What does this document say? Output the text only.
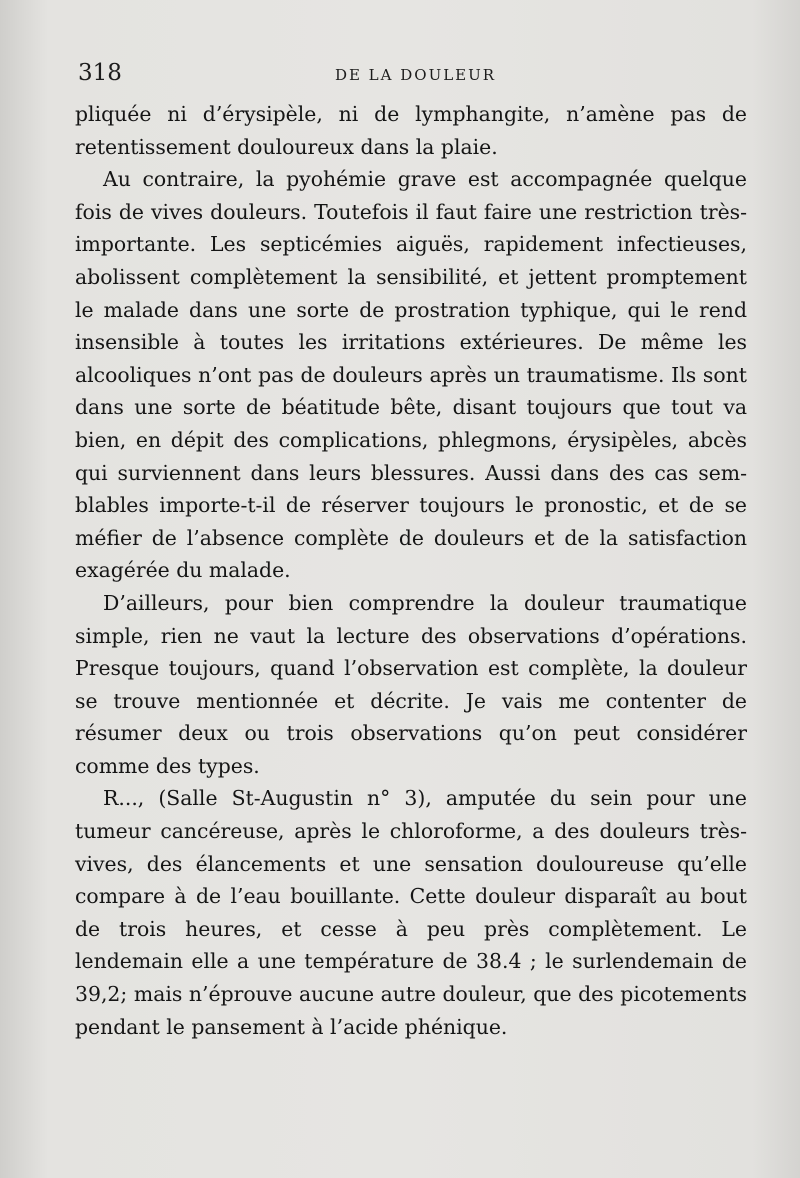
318	DE LA DOULEUR

pliquée ni d’érysipèle, ni de lymphangite, n’amène pas de retentissement douloureux dans la plaie.

Au contraire, la pyohémie grave est accompagnée quelque fois de vives douleurs. Toutefois il faut faire une restriction très-importante. Les septicémies aiguës, rapidement infectieuses, abolissent complètement la sensibilité, et jettent promptement le malade dans une sorte de prostration typhique, qui le rend insensible à toutes les irritations extérieures. De même les alcooliques n’ont pas de douleurs après un traumatisme. Ils sont dans une sorte de béatitude bête, disant toujours que tout va bien, en dépit des complications, phlegmons, érysipèles, abcès qui surviennent dans leurs blessures. Aussi dans des cas semblables importe-t-il de réserver toujours le pronostic, et de se méfier de l’absence complète de douleurs et de la satisfaction exagérée du malade.

D’ailleurs, pour bien comprendre la douleur traumatique simple, rien ne vaut la lecture des observations d’opérations. Presque toujours, quand l’observation est complète, la douleur se trouve mentionnée et décrite. Je vais me contenter de résumer deux ou trois observations qu’on peut considérer comme des types.

R..., (Salle St-Augustin n° 3), amputée du sein pour une tumeur cancéreuse, après le chloroforme, a des douleurs très-vives, des élancements et une sensation douloureuse qu’elle compare à de l’eau bouillante. Cette douleur disparaît au bout de trois heures, et cesse à peu près complètement. Le lendemain elle a une température de 38.4 ; le surlendemain de 39,2; mais n’éprouve aucune autre douleur, que des picotements pendant le pansement à l’acide phénique.
